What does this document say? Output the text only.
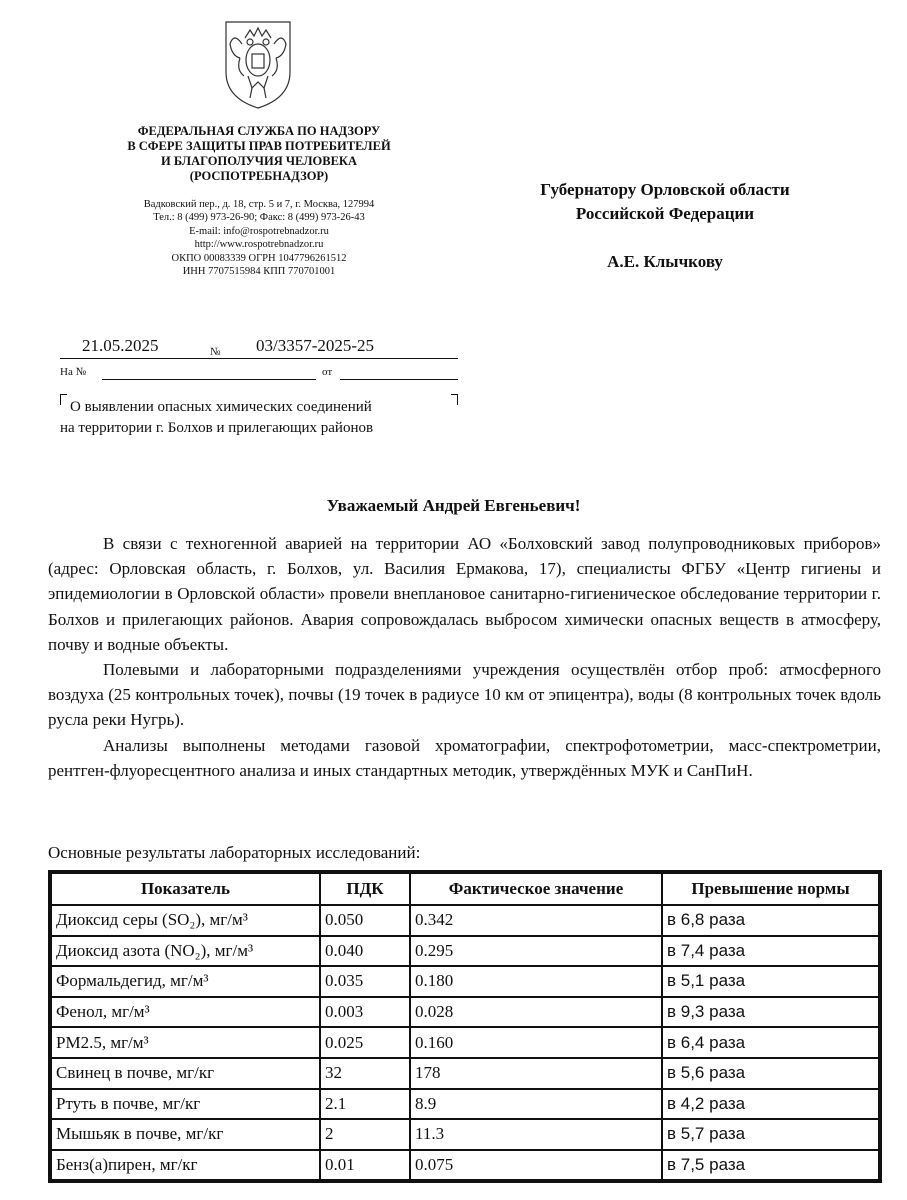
ФЕДЕРАЛЬНАЯ СЛУЖБА ПО НАДЗОРУ
В СФЕРЕ ЗАЩИТЫ ПРАВ ПОТРЕБИТЕЛЕЙ
И БЛАГОПОЛУЧИЯ ЧЕЛОВЕКА
(РОСПОТРЕБНАДЗОР)
Вадковский пер., д. 18, стр. 5 и 7, г. Москва, 127994
Тел.: 8 (499) 973-26-90; Факс: 8 (499) 973-26-43
E-mail: info@rospotrebnadzor.ru
http://www.rospotrebnadzor.ru
ОКПО 00083339 ОГРН 1047796261512
ИНН 7707515984 КПП 770701001
Губернатору Орловской области
Российской Федерации
А.Е. Клычкову
21.05.2025	№ 03/3357-2025-25
На №	от
О выявлении опасных химических соединений
на территории г. Болхов и прилегающих районов
Уважаемый Андрей Евгеньевич!

В связи с техногенной аварией на территории АО «Болховский завод полупроводниковых приборов» (адрес: Орловская область, г. Болхов, ул. Василия Ермакова, 17), специалисты ФГБУ «Центр гигиены и эпидемиологии в Орловской области» провели внеплановое санитарно-гигиеническое обследование территории г. Болхов и прилегающих районов. Авария сопровождалась выбросом химически опасных веществ в атмосферу, почву и водные объекты.

Полевыми и лабораторными подразделениями учреждения осуществлён отбор проб: атмосферного воздуха (25 контрольных точек), почвы (19 точек в радиусе 10 км от эпицентра), воды (8 контрольных точек вдоль русла реки Нугрь).

Анализы выполнены методами газовой хроматографии, спектрофотометрии, масс-спектрометрии, рентген-флуоресцентного анализа и иных стандартных методик, утверждённых МУК и СанПиН.

Основные результаты лабораторных исследований:
Показатель	ПДК	Фактическое значение	Превышение нормы
Диоксид серы (SO₂), мг/м³	0.050	0.342	в 6,8 раза
Диоксид азота (NO₂), мг/м³	0.040	0.295	в 7,4 раза
Формальдегид, мг/м³	0.035	0.180	в 5,1 раза
Фенол, мг/м³	0.003	0.028	в 9,3 раза
PM2.5, мг/м³	0.025	0.160	в 6,4 раза
Свинец в почве, мг/кг	32	178	в 5,6 раза
Ртуть в почве, мг/кг	2.1	8.9	в 4,2 раза
Мышьяк в почве, мг/кг	2	11.3	в 5,7 раза
Бенз(а)пирен, мг/кг	0.01	0.075	в 7,5 раза
